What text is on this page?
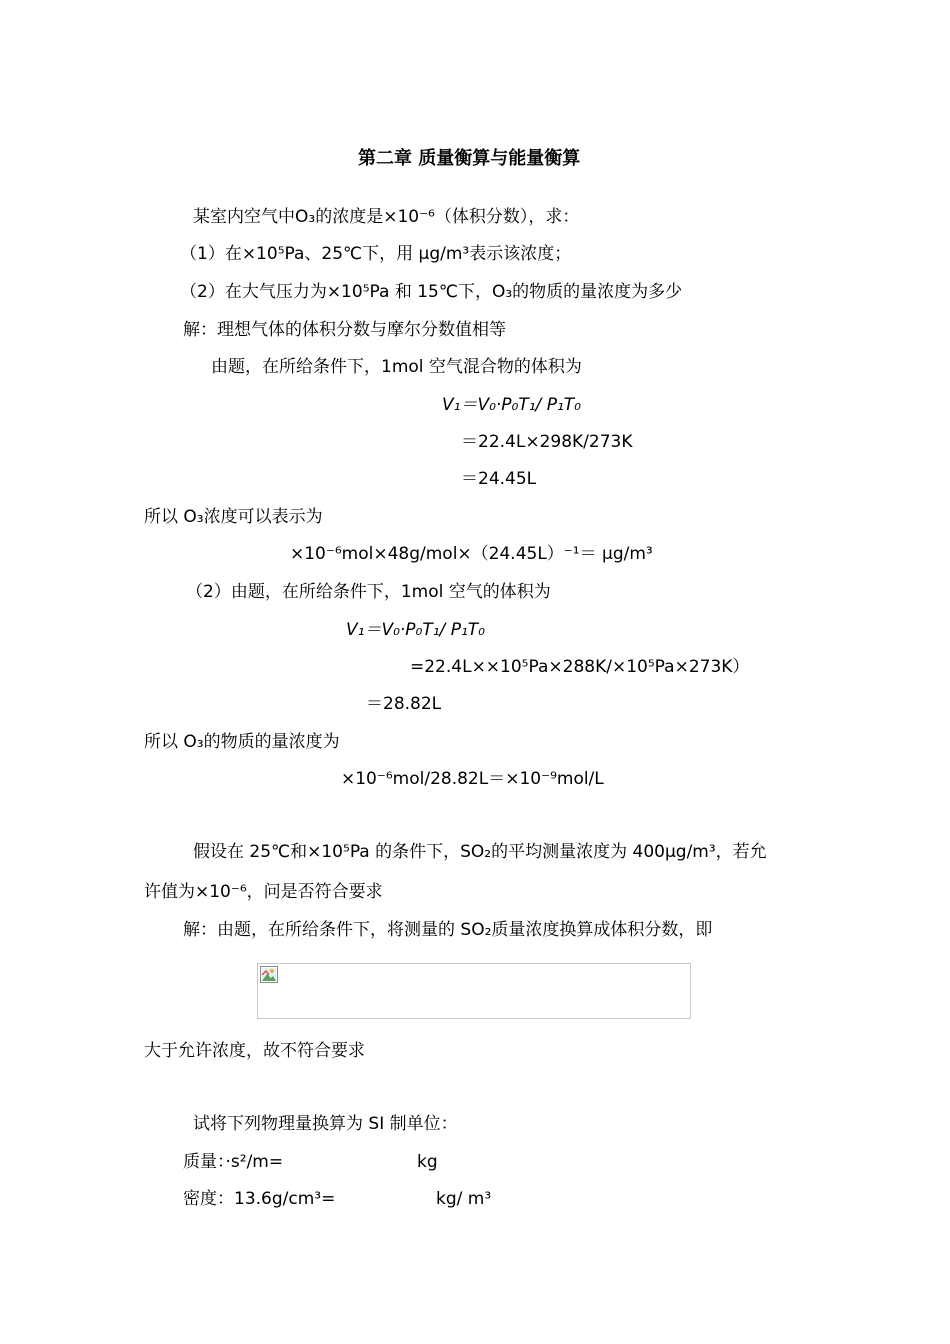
第二章 质量衡算与能量衡算
某室内空气中O₃的浓度是×10⁻⁶（体积分数），求：
（1）在×10⁵Pa、25℃下，用 μg/m³表示该浓度；
（2）在大气压力为×10⁵Pa 和 15℃下，O₃的物质的量浓度为多少
解：理想气体的体积分数与摩尔分数值相等
由题，在所给条件下，1mol 空气混合物的体积为
V₁＝V₀·P₀T₁/ P₁T₀
＝22.4L×298K/273K
＝24.45L
所以 O₃浓度可以表示为
×10⁻⁶mol×48g/mol×（24.45L）⁻¹＝ μg/m³
（2）由题，在所给条件下，1mol 空气的体积为
V₁＝V₀·P₀T₁/ P₁T₀
=22.4L××10⁵Pa×288K/×10⁵Pa×273K）
＝28.82L
所以 O₃的物质的量浓度为
×10⁻⁶mol/28.82L＝×10⁻⁹mol/L
假设在 25℃和×10⁵Pa 的条件下，SO₂的平均测量浓度为 400μg/m³，若允
许值为×10⁻⁶，问是否符合要求
解：由题，在所给条件下，将测量的 SO₂质量浓度换算成体积分数，即
大于允许浓度，故不符合要求
试将下列物理量换算为 SI 制单位：
质量：·s²/m=	kg
密度：13.6g/cm³=	kg/ m³
